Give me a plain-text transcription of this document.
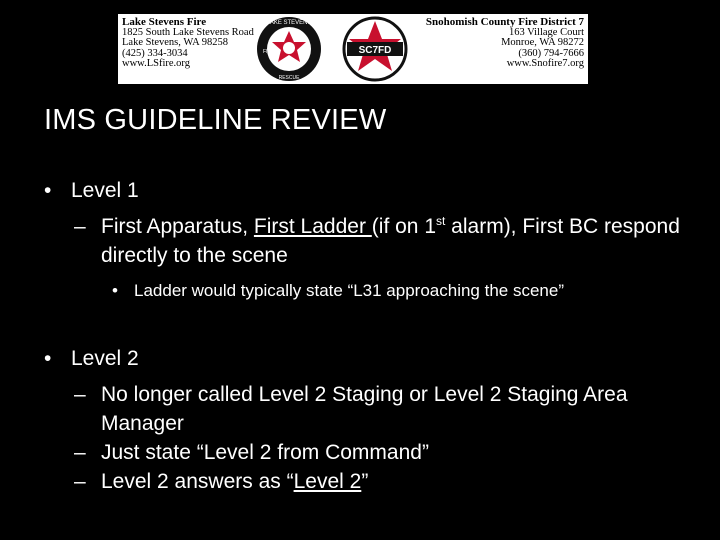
Lake Stevens Fire
1825 South Lake Stevens Road
Lake Stevens, WA 98258
(425) 334-3034
www.LSfire.org
LAKE STEVENS
FIRE
RESCUE
SC7FD
Snohomish County Fire District 7
163 Village Court
Monroe, WA 98272
(360) 794-7666
www.Snofire7.org
IMS GUIDELINE REVIEW
• Level 1
– First Apparatus, First Ladder (if on 1st alarm), First BC respond directly to the scene
• Ladder would typically state “L31 approaching the scene”
• Level 2
– No longer called Level 2 Staging or Level 2 Staging Area Manager
– Just state “Level 2 from Command”
– Level 2 answers as “Level 2”
